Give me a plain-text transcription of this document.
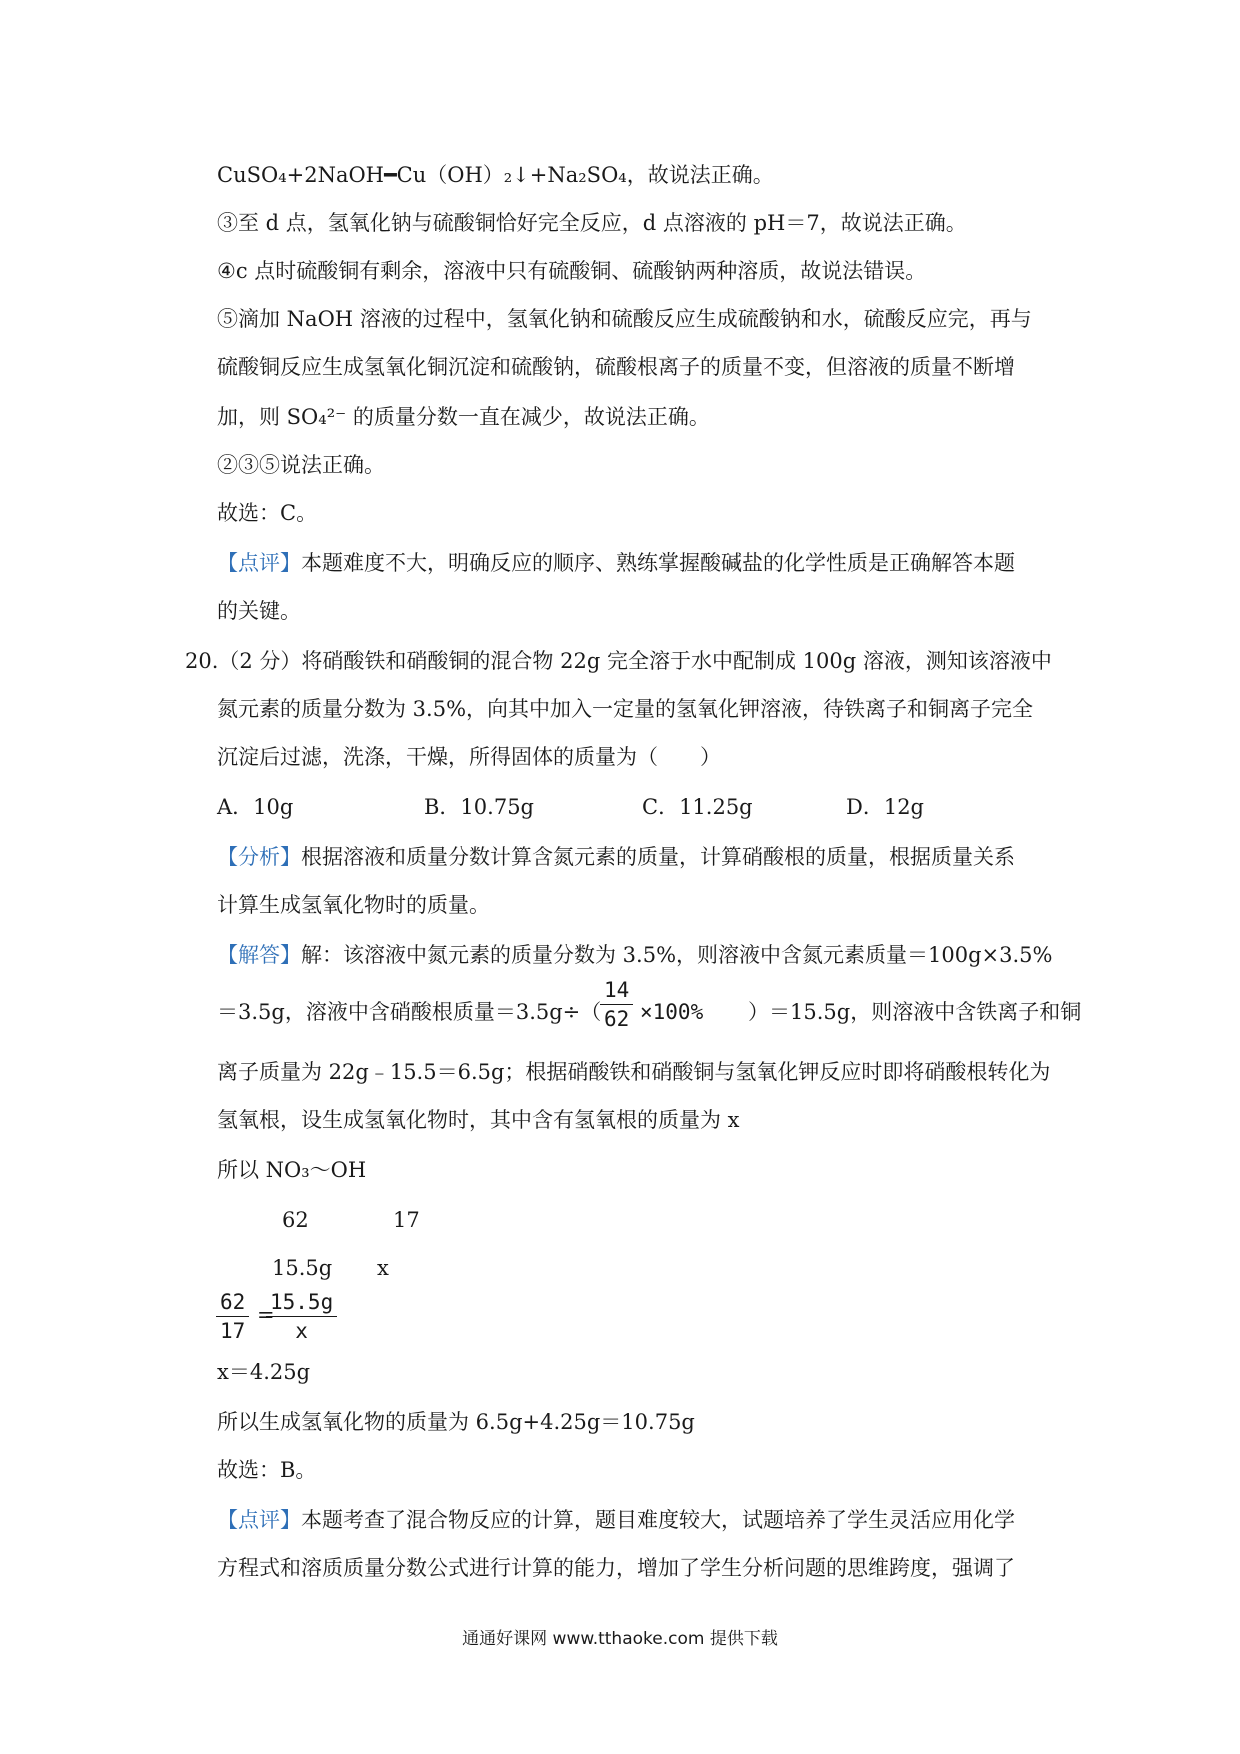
CuSO₄+2NaOH━Cu（OH）₂↓+Na₂SO₄，故说法正确。
③至 d 点，氢氧化钠与硫酸铜恰好完全反应，d 点溶液的 pH＝7，故说法正确。
④c 点时硫酸铜有剩余，溶液中只有硫酸铜、硫酸钠两种溶质，故说法错误。
⑤滴加 NaOH 溶液的过程中，氢氧化钠和硫酸反应生成硫酸钠和水，硫酸反应完，再与
硫酸铜反应生成氢氧化铜沉淀和硫酸钠，硫酸根离子的质量不变，但溶液的质量不断增
加，则 SO₄²⁻ 的质量分数一直在减少，故说法正确。
②③⑤说法正确。
故选：C。
【点评】本题难度不大，明确反应的顺序、熟练掌握酸碱盐的化学性质是正确解答本题
的关键。
20.（2 分）将硝酸铁和硝酸铜的混合物 22g 完全溶于水中配制成 100g 溶液，测知该溶液中
氮元素的质量分数为 3.5%，向其中加入一定量的氢氧化钾溶液，待铁离子和铜离子完全
沉淀后过滤，洗涤，干燥，所得固体的质量为（　　）
A．10g	B．10.75g	C．11.25g	D．12g
【分析】根据溶液和质量分数计算含氮元素的质量，计算硝酸根的质量，根据质量关系
计算生成氢氧化物时的质量。
【解答】解：该溶液中氮元素的质量分数为 3.5%，则溶液中含氮元素质量＝100g×3.5%
＝3.5g，溶液中含硝酸根质量＝3.5g÷（
$\frac{14}{62} \times 100\%$ ）＝15.5g，则溶液中含铁离子和铜
离子质量为 22g﹣15.5＝6.5g；根据硝酸铁和硝酸铜与氢氧化钾反应时即将硝酸根转化为
氢氧根，设生成氢氧化物时，其中含有氢氧根的质量为 x
所以 NO₃～OH
62	17
15.5g x
$\frac{62}{17}$ =
$\frac{15.5g}{x}$
x＝4.25g
所以生成氢氧化物的质量为 6.5g+4.25g＝10.75g
故选：B。
【点评】本题考查了混合物反应的计算，题目难度较大，试题培养了学生灵活应用化学
方程式和溶质质量分数公式进行计算的能力，增加了学生分析问题的思维跨度，强调了
通通好课网 www.tthaoke.com 提供下载
